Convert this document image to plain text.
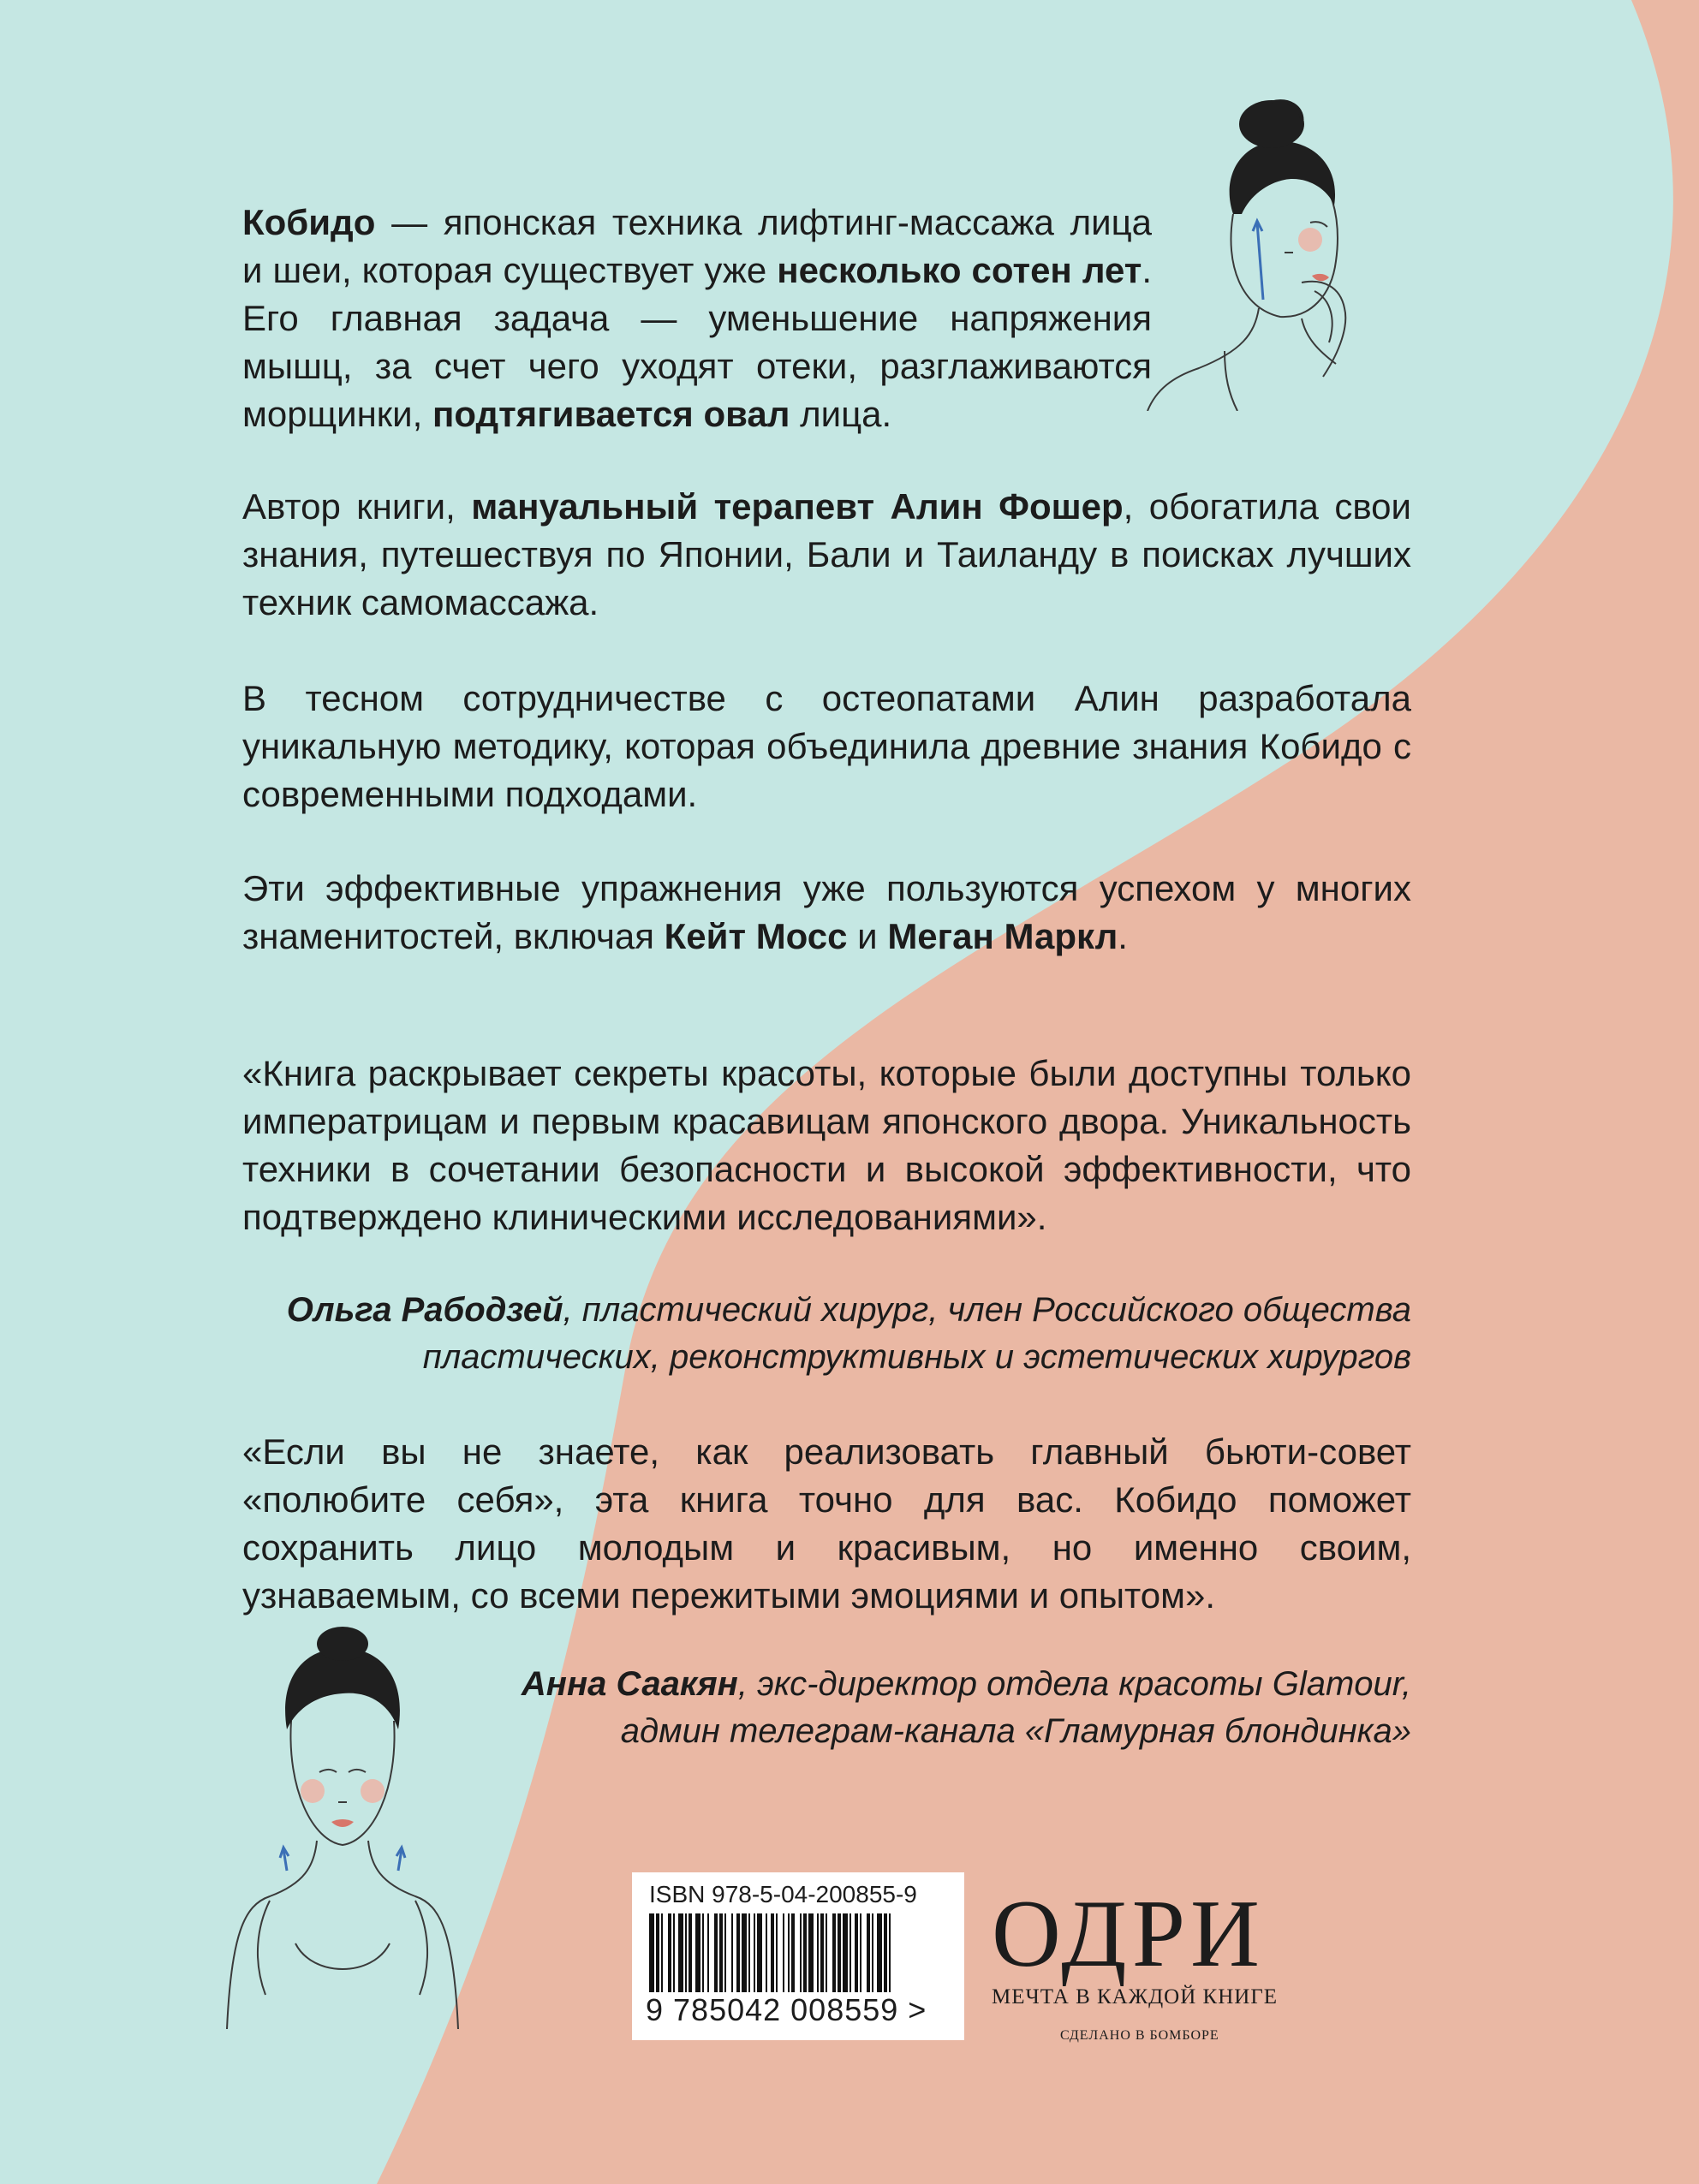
Кобидо — японская техника лифтинг-массажа лица и шеи, которая существует уже несколько сотен лет. Его главная задача — уменьшение напряжения мышц, за счет чего уходят отеки, разглаживаются морщинки, подтягивается овал лица.
Автор книги, мануальный терапевт Алин Фошер, обогатила свои знания, путешествуя по Японии, Бали и Таиланду в поисках лучших техник самомассажа.
В тесном сотрудничестве с остеопатами Алин разработала уникальную методику, которая объединила древние знания Кобидо с современными подходами.
Эти эффективные упражнения уже пользуются успехом у многих знаменитостей, включая Кейт Мосс и Меган Маркл.
«Книга раскрывает секреты красоты, которые были доступны только императрицам и первым красавицам японского двора. Уникальность техники в сочетании безопасности и высокой эффективности, что подтверждено клиническими исследованиями».

Ольга Рабодзей, пластический хирург, член Российского общества

пластических, реконструктивных и эстетических хирургов

«Если вы не знаете, как реализовать главный бьюти-совет «полюбите себя», эта книга точно для вас. Кобидо поможет сохранить лицо молодым и красивым, но именно своим, узнаваемым, со всеми пережитыми эмоциями и опытом».

Анна Саакян, экс-директор отдела красоты Glamour,

админ телеграм-канала «Гламурная блондинка»

ISBN 978-5-04-200855-9
9 785042 008559 >
ОДРИ
МЕЧТА В КАЖДОЙ КНИГЕ
СДЕЛАНО В БОМБОРЕ
